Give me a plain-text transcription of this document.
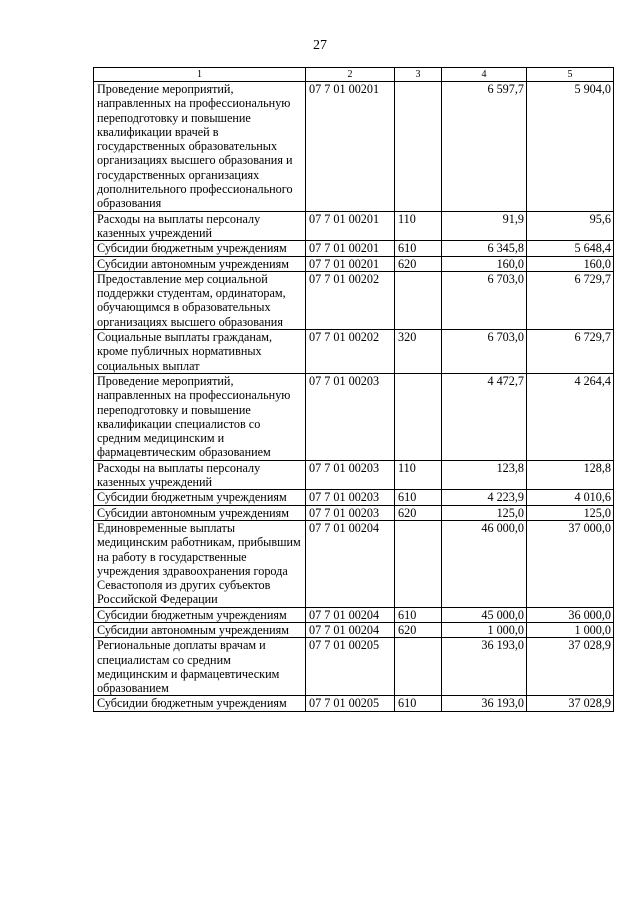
27
1	2	3	4	5
Проведение мероприятий, направленных на профессиональную переподготовку и повышение квалификации врачей в государственных образовательных организациях высшего образования и государственных организациях дополнительного профессионального образования	07 7 01 00201		6 597,7	5 904,0
Расходы на выплаты персоналу казенных учреждений	07 7 01 00201	110	91,9	95,6
Субсидии бюджетным учреждениям	07 7 01 00201	610	6 345,8	5 648,4
Субсидии автономным учреждениям	07 7 01 00201	620	160,0	160,0
Предоставление мер социальной поддержки студентам, ординаторам, обучающимся в образовательных организациях высшего образования	07 7 01 00202		6 703,0	6 729,7
Социальные выплаты гражданам, кроме публичных нормативных социальных выплат	07 7 01 00202	320	6 703,0	6 729,7
Проведение мероприятий, направленных на профессиональную переподготовку и повышение квалификации специалистов со средним медицинским и фармацевтическим образованием	07 7 01 00203		4 472,7	4 264,4
Расходы на выплаты персоналу казенных учреждений	07 7 01 00203	110	123,8	128,8
Субсидии бюджетным учреждениям	07 7 01 00203	610	4 223,9	4 010,6
Субсидии автономным учреждениям	07 7 01 00203	620	125,0	125,0
Единовременные выплаты медицинским работникам, прибывшим на работу в государственные учреждения здравоохранения города Севастополя из других субъектов Российской Федерации	07 7 01 00204		46 000,0	37 000,0
Субсидии бюджетным учреждениям	07 7 01 00204	610	45 000,0	36 000,0
Субсидии автономным учреждениям	07 7 01 00204	620	1 000,0	1 000,0
Региональные доплаты врачам и специалистам со средним медицинским и фармацевтическим образованием	07 7 01 00205		36 193,0	37 028,9
Субсидии бюджетным учреждениям	07 7 01 00205	610	36 193,0	37 028,9
